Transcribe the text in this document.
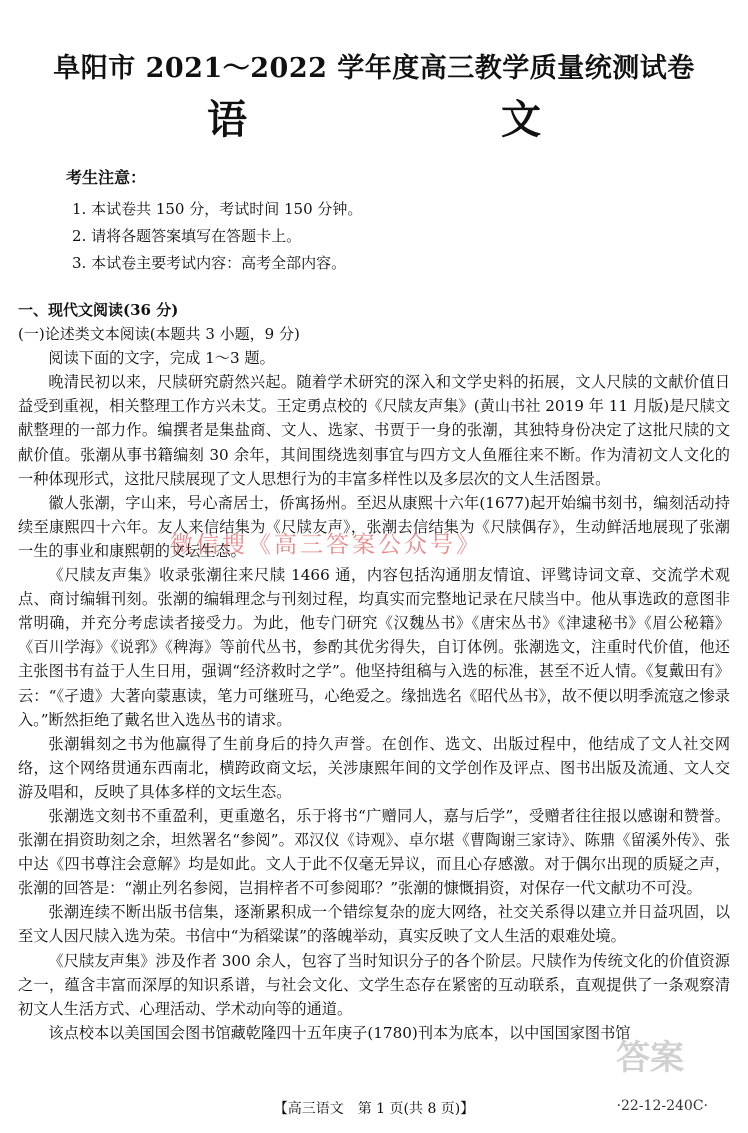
阜阳市 2021～2022 学年度高三教学质量统测试卷
语 文
考生注意：
1. 本试卷共 150 分，考试时间 150 分钟。
2. 请将各题答案填写在答题卡上。
3. 本试卷主要考试内容：高考全部内容。
一、现代文阅读(36 分)
(一)论述类文本阅读(本题共 3 小题，9 分)
阅读下面的文字，完成 1～3 题。
晚清民初以来，尺牍研究蔚然兴起。随着学术研究的深入和文学史料的拓展，文人尺牍的文献价值日益受到重视，相关整理工作方兴未艾。王定勇点校的《尺牍友声集》(黄山书社 2019 年 11 月版)是尺牍文献整理的一部力作。编撰者是集盐商、文人、选家、书贾于一身的张潮，其独特身份决定了这批尺牍的文献价值。张潮从事书籍编刻 30 余年，其间围绕选刻事宜与四方文人鱼雁往来不断。作为清初文人文化的一种体现形式，这批尺牍展现了文人思想行为的丰富多样性以及多层次的文人生活图景。
徽人张潮，字山来，号心斋居士，侨寓扬州。至迟从康熙十六年(1677)起开始编书刻书，编刻活动持续至康熙四十六年。友人来信结集为《尺牍友声》，张潮去信结集为《尺牍偶存》，生动鲜活地展现了张潮一生的事业和康熙朝的文坛生态。
《尺牍友声集》收录张潮往来尺牍 1466 通，内容包括沟通朋友情谊、评骘诗词文章、交流学术观点、商讨编辑刊刻。张潮的编辑理念与刊刻过程，均真实而完整地记录在尺牍当中。他从事选政的意图非常明确，并充分考虑读者接受力。为此，他专门研究《汉魏丛书》《唐宋丛书》《津逮秘书》《眉公秘籍》《百川学海》《说郛》《稗海》等前代丛书，参酌其优劣得失，自订体例。张潮选文，注重时代价值，他还主张图书有益于人生日用，强调“经济救时之学”。他坚持组稿与入选的标准，甚至不近人情。《复戴田有》云：“《孑遗》大著向蒙惠读，笔力可继班马，心绝爱之。缘拙选名《昭代丛书》，故不便以明季流寇之惨录入。”断然拒绝了戴名世入选丛书的请求。
张潮辑刻之书为他赢得了生前身后的持久声誉。在创作、选文、出版过程中，他结成了文人社交网络，这个网络贯通东西南北，横跨政商文坛，关涉康熙年间的文学创作及评点、图书出版及流通、文人交游及唱和，反映了具体多样的文坛生态。
张潮选文刻书不重盈利，更重邀名，乐于将书“广赠同人，嘉与后学”，受赠者往往报以感谢和赞誉。张潮在捐资助刻之余，坦然署名“参阅”。邓汉仪《诗观》、卓尔堪《曹陶谢三家诗》、陈鼎《留溪外传》、张中达《四书尊注会意解》均是如此。文人于此不仅毫无异议，而且心存感激。对于偶尔出现的质疑之声，张潮的回答是：“潮止列名参阅，岂捐梓者不可参阅耶？”张潮的慷慨捐资，对保存一代文献功不可没。
张潮连续不断出版书信集，逐渐累积成一个错综复杂的庞大网络，社交关系得以建立并日益巩固，以至文人因尺牍入选为荣。书信中“为稻粱谋”的落魄举动，真实反映了文人生活的艰难处境。
《尺牍友声集》涉及作者 300 余人，包容了当时知识分子的各个阶层。尺牍作为传统文化的价值资源之一，蕴含丰富而深厚的知识系谱，与社会文化、文学生态存在紧密的互动联系，直观提供了一条观察清初文人生活方式、心理活动、学术动向等的通道。
该点校本以美国国会图书馆藏乾隆四十五年庚子(1780)刊本为底本，以中国国家图书馆
微信搜《高三答案公众号》
答案
【高三语文　第 1 页(共 8 页)】	·22-12-240C·
